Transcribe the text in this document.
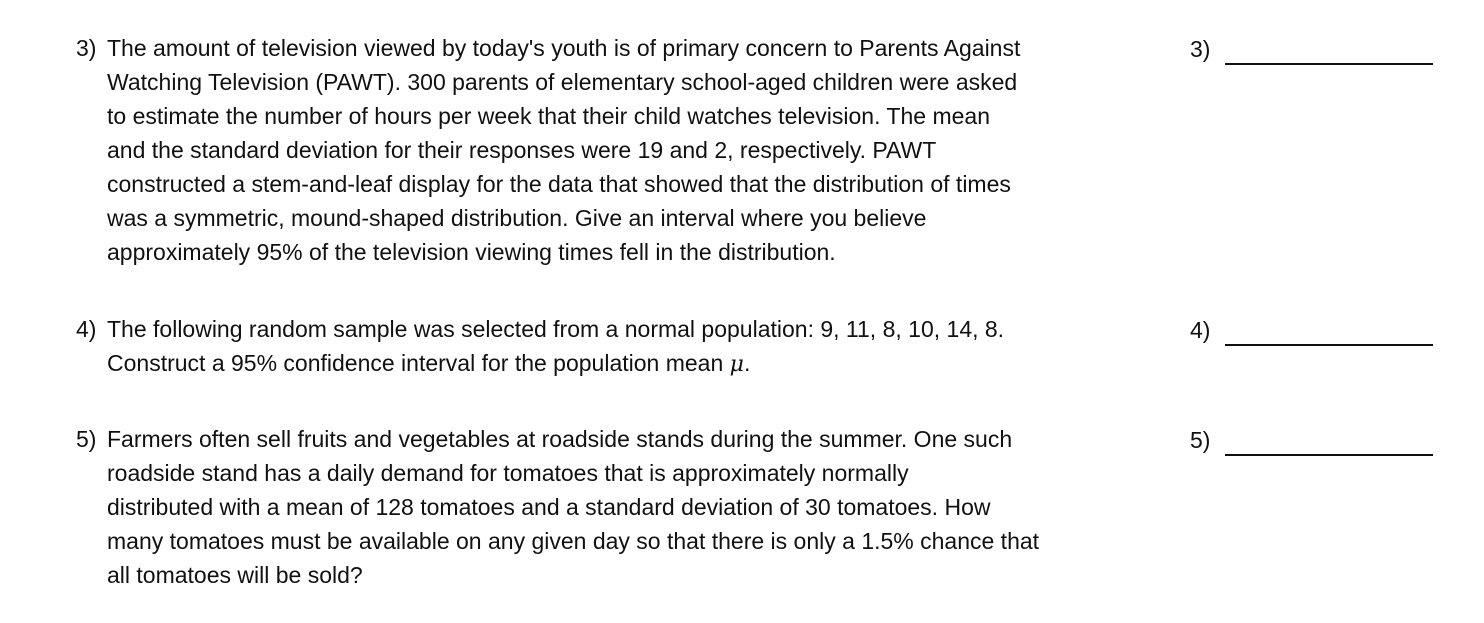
3) The amount of television viewed by today's youth is of primary concern to Parents Against
Watching Television (PAWT). 300 parents of elementary school-aged children were asked
to estimate the number of hours per week that their child watches television. The mean
and the standard deviation for their responses were 19 and 2, respectively. PAWT
constructed a stem-and-leaf display for the data that showed that the distribution of times
was a symmetric, mound-shaped distribution. Give an interval where you believe
approximately 95% of the television viewing times fell in the distribution.
3)
4) The following random sample was selected from a normal population: 9, 11, 8, 10, 14, 8.
Construct a 95% confidence interval for the population mean μ.
4)
5) Farmers often sell fruits and vegetables at roadside stands during the summer. One such
roadside stand has a daily demand for tomatoes that is approximately normally
distributed with a mean of 128 tomatoes and a standard deviation of 30 tomatoes. How
many tomatoes must be available on any given day so that there is only a 1.5% chance that
all tomatoes will be sold?
5)
